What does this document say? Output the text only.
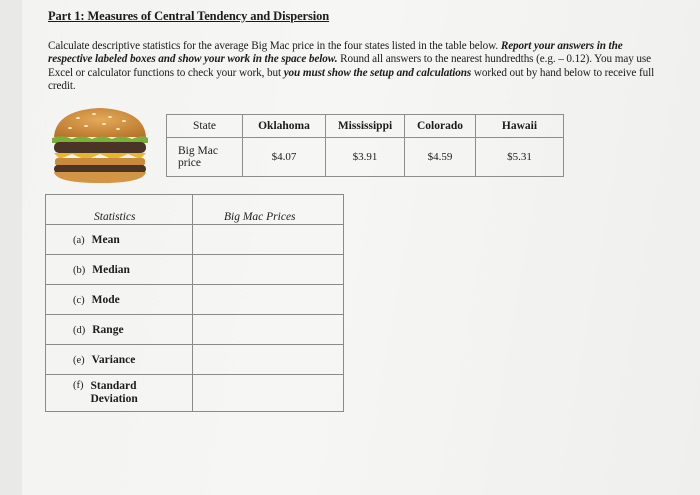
Part 1: Measures of Central Tendency and Dispersion
Calculate descriptive statistics for the average Big Mac price in the four states listed in the table below. Report your answers in the respective labeled boxes and show your work in the space below. Round all answers to the nearest hundredths (e.g. – 0.12). You may use Excel or calculator functions to check your work, but you must show the setup and calculations worked out by hand below to receive full credit.
State	Oklahoma	Mississippi	Colorado	Hawaii
Big Mac price	$4.07	$3.91	$4.59	$5.31
Statistics	Big Mac Prices
(a) Mean	
(b) Median	
(c) Mode	
(d) Range	
(e) Variance	

(f) Standard Deviation	
